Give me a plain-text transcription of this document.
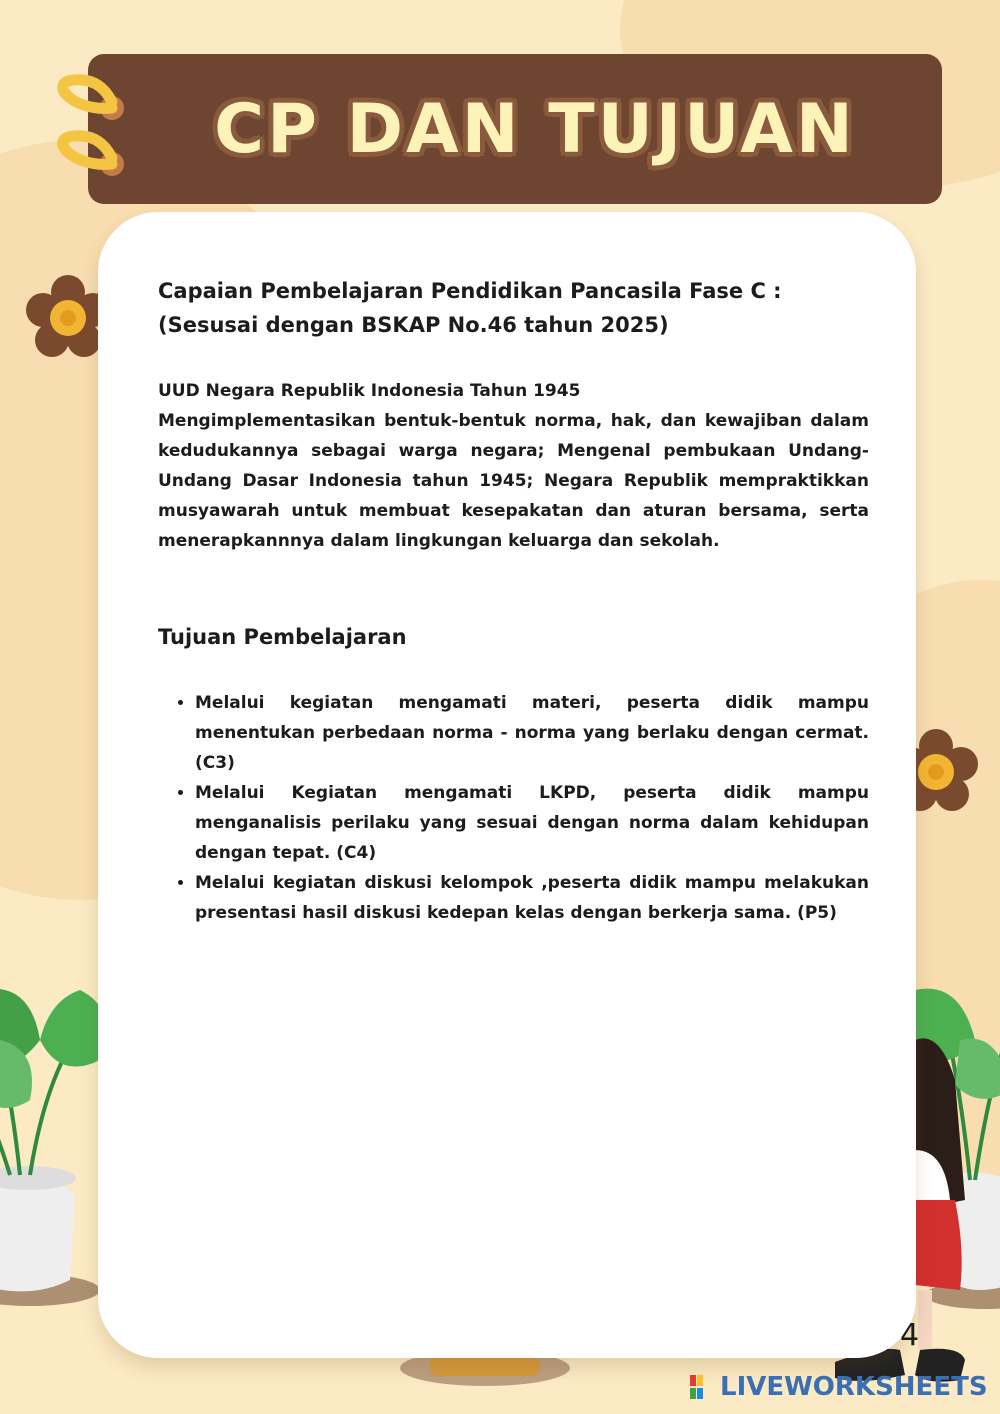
CP DAN TUJUAN

Capaian Pembelajaran Pendidikan Pancasila Fase C :
(Sesusai dengan BSKAP No.46 tahun 2025)

UUD Negara Republik Indonesia Tahun 1945
Mengimplementasikan bentuk-bentuk norma, hak, dan kewajiban dalam kedudukannya sebagai warga negara; Mengenal pembukaan Undang-Undang Dasar Indonesia tahun 1945; Negara Republik mempraktikkan musyawarah untuk membuat kesepakatan dan aturan bersama, serta menerapkannnya dalam lingkungan keluarga dan sekolah.

Tujuan Pembelajaran

• Melalui kegiatan mengamati materi, peserta didik mampu menentukan perbedaan norma - norma yang berlaku dengan cermat. (C3)
• Melalui Kegiatan mengamati LKPD, peserta didik mampu menganalisis perilaku yang sesuai dengan norma dalam kehidupan dengan tepat. (C4)
• Melalui kegiatan diskusi kelompok ,peserta didik mampu melakukan presentasi hasil diskusi kedepan kelas dengan berkerja sama. (P5)
4
LIVEWORKSHEETS
